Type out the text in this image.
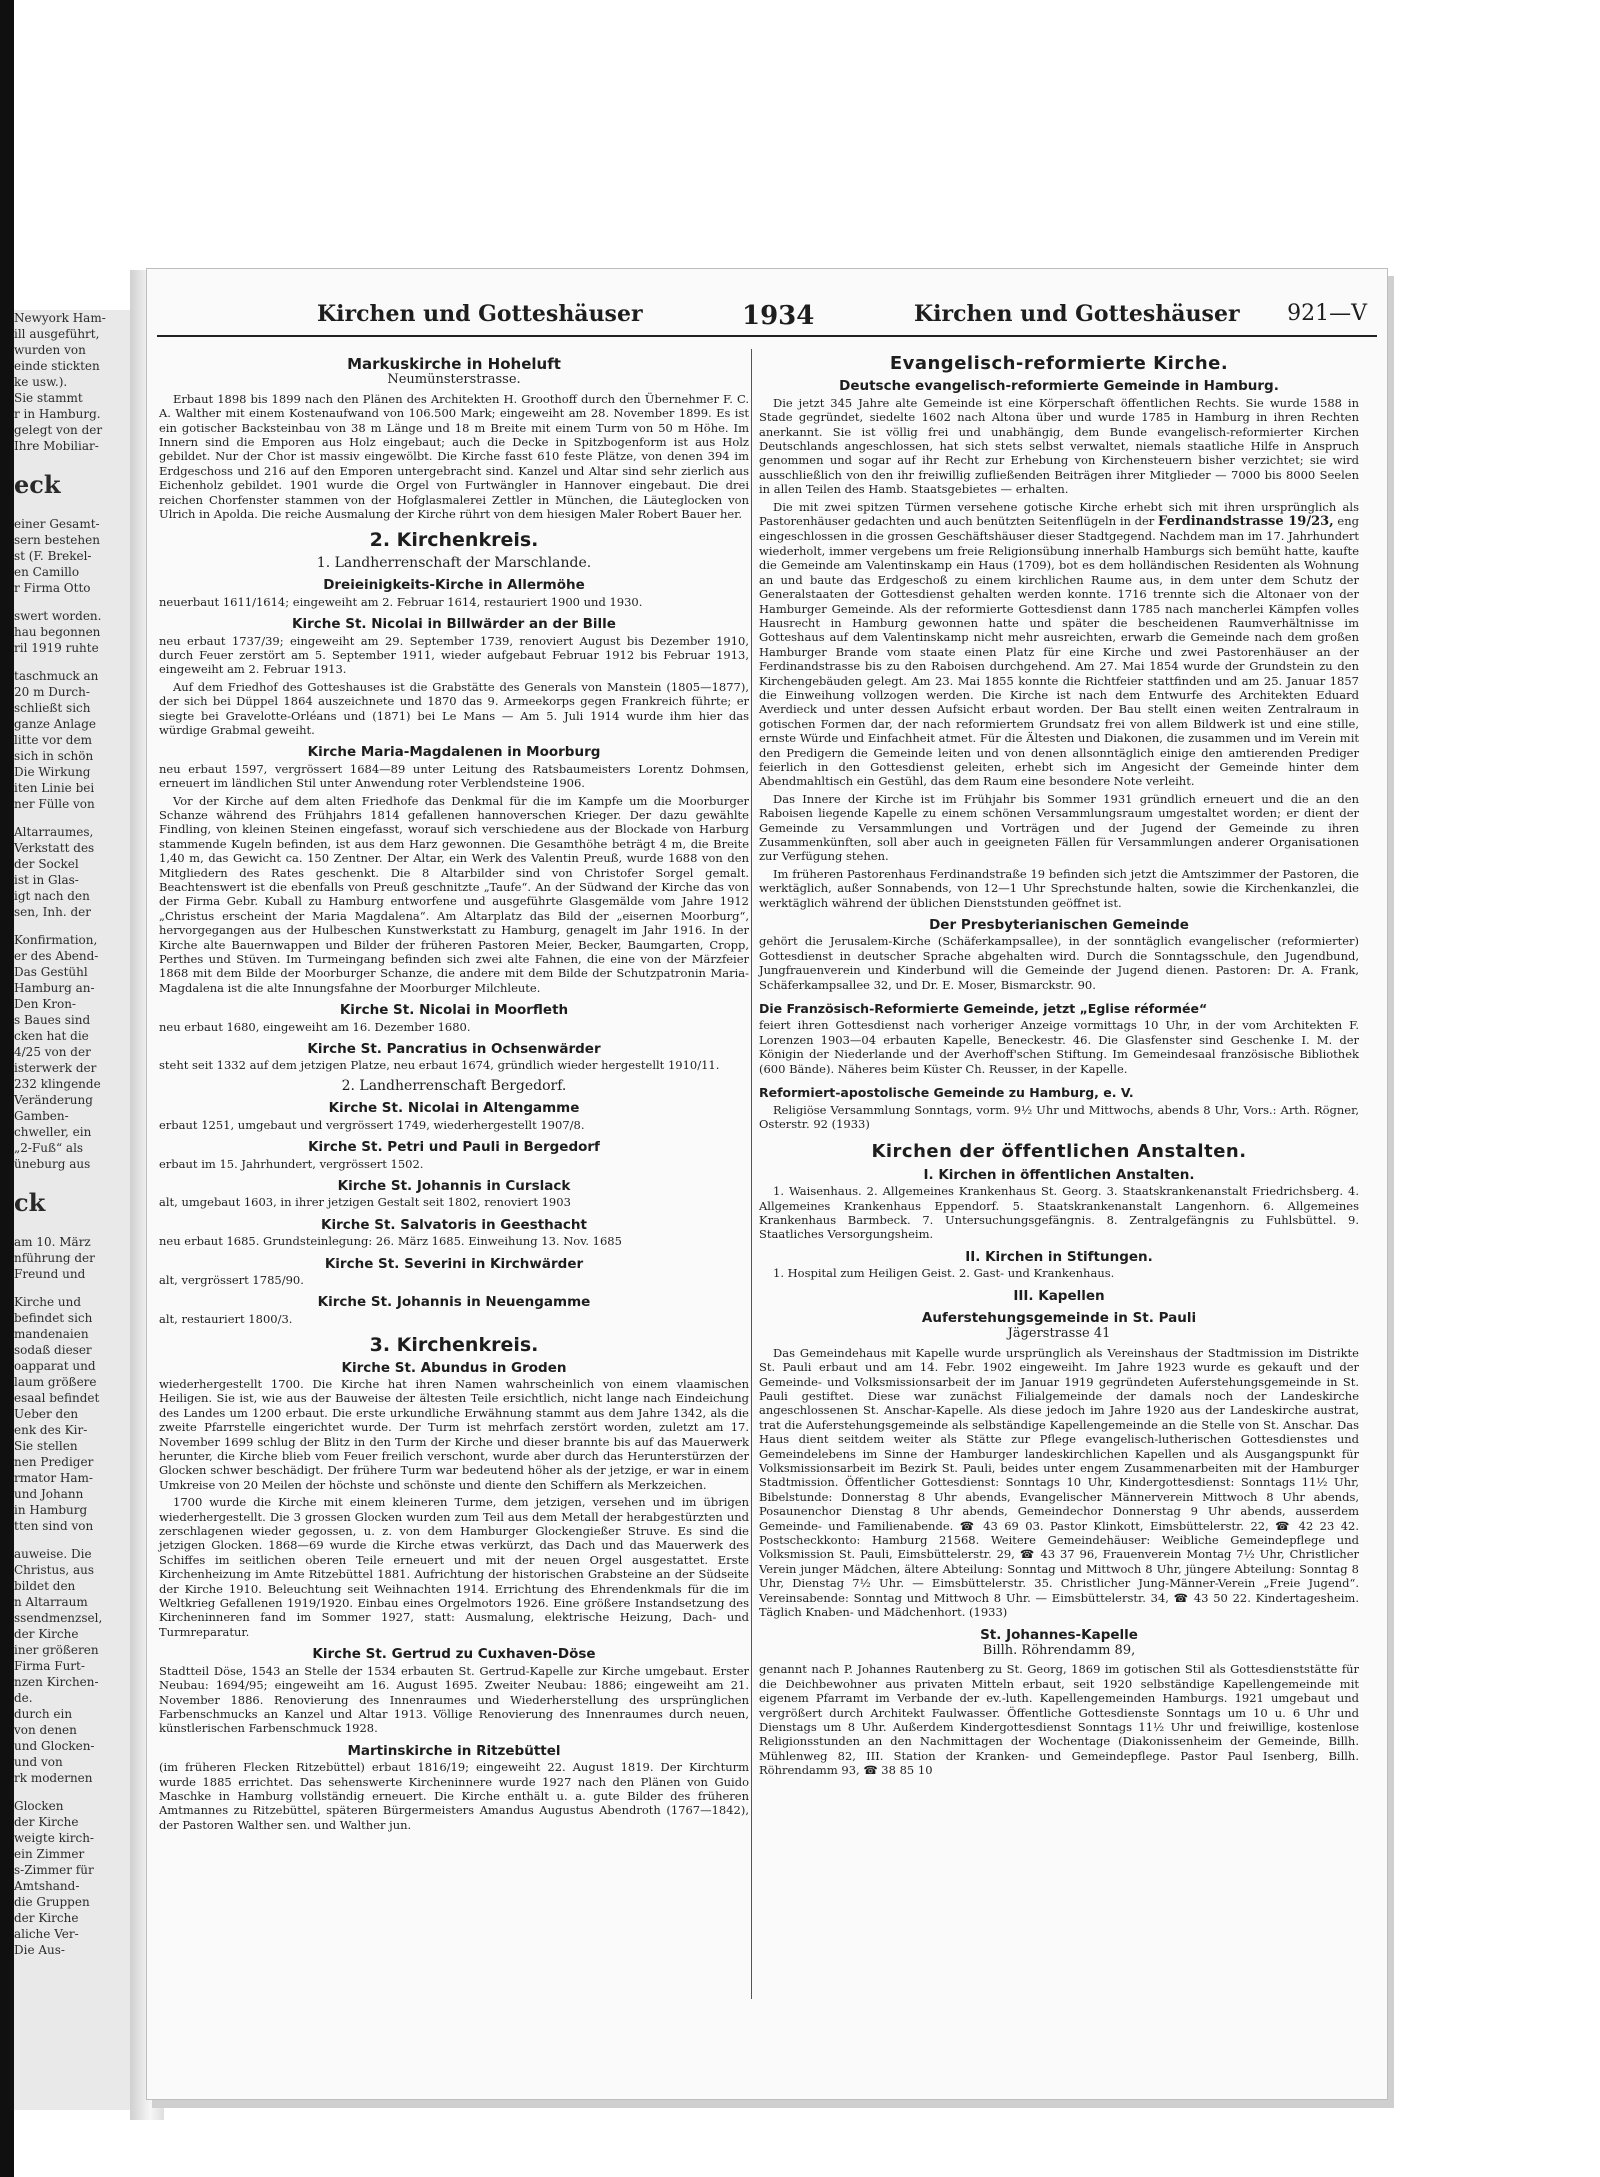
Newyork Ham-
ill ausgeführt,
wurden von
einde stickten
ke usw.).
Sie stammt
r in Hamburg.
gelegt von der
Ihre Mobiliar-
eck
einer Gesamt-
sern bestehen
st (F. Brekel-
en Camillo
r Firma Otto
swert worden.
hau begonnen
ril 1919 ruhte
taschmuck an
20 m Durch-
schließt sich
ganze Anlage
litte vor dem
sich in schön
Die Wirkung
iten Linie bei
ner Fülle von
Altarraumes,
Verkstatt des
der Sockel
ist in Glas-
igt nach den
sen, Inh. der
Konfirmation,
er des Abend-
Das Gestühl
Hamburg an-
Den Kron-
s Baues sind
cken hat die
4/25 von der
isterwerk der
232 klingende
Veränderung
Gamben-
chweller, ein
„2-Fuß“ als
üneburg aus
ck
am 10. März
nführung der
Freund und
Kirche und
befindet sich
mandenaien
sodaß dieser
oapparat und
laum größere
esaal befindet
Ueber den
enk des Kir-
Sie stellen
nen Prediger
rmator Ham-
und Johann
in Hamburg
tten sind von
auweise. Die
Christus, aus
bildet den
n Altarraum
ssendmenzsel,
der Kirche
iner größeren
Firma Furt-
nzen Kirchen-
de.
durch ein
von denen
und Glocken-
und von
rk modernen
Glocken
der Kirche
weigte kirch-
ein Zimmer
s-Zimmer für
Amtshand-
die Gruppen
der Kirche
aliche Ver-
Die Aus-
Kirchen und Gotteshäuser	1934	Kirchen und Gotteshäuser 921—V
Markuskirche in Hoheluft
Neumünsterstrasse.

Erbaut 1898 bis 1899 nach den Plänen des Architekten H. Groothoff durch den Übernehmer F. C. A. Walther mit einem Kostenaufwand von 106.500 Mark; eingeweiht am 28. November 1899. Es ist ein gotischer Backsteinbau von 38 m Länge und 18 m Breite mit einem Turm von 50 m Höhe. Im Innern sind die Emporen aus Holz eingebaut; auch die Decke in Spitzbogenform ist aus Holz gebildet. Nur der Chor ist massiv eingewölbt. Die Kirche fasst 610 feste Plätze, von denen 394 im Erdgeschoss und 216 auf den Emporen untergebracht sind. Kanzel und Altar sind sehr zierlich aus Eichenholz gebildet. 1901 wurde die Orgel von Furtwängler in Hannover eingebaut. Die drei reichen Chorfenster stammen von der Hofglasmalerei Zettler in München, die Läuteglocken von Ulrich in Apolda. Die reiche Ausmalung der Kirche rührt von dem hiesigen Maler Robert Bauer her.

2. Kirchenkreis.
1. Landherrenschaft der Marschlande.
Dreieinigkeits-Kirche in Allermöhe

neuerbaut 1611/1614; eingeweiht am 2. Februar 1614, restauriert 1900 und 1930.

Kirche St. Nicolai in Billwärder an der Bille

neu erbaut 1737/39; eingeweiht am 29. September 1739, renoviert August bis Dezember 1910, durch Feuer zerstört am 5. September 1911, wieder aufgebaut Februar 1912 bis Februar 1913, eingeweiht am 2. Februar 1913.

Auf dem Friedhof des Gotteshauses ist die Grabstätte des Generals von Manstein (1805—1877), der sich bei Düppel 1864 auszeichnete und 1870 das 9. Armeekorps gegen Frankreich führte; er siegte bei Gravelotte-Orléans und (1871) bei Le Mans — Am 5. Juli 1914 wurde ihm hier das würdige Grabmal geweiht.

Kirche Maria-Magdalenen in Moorburg

neu erbaut 1597, vergrössert 1684—89 unter Leitung des Ratsbaumeisters Lorentz Dohmsen, erneuert im ländlichen Stil unter Anwendung roter Verblendsteine 1906.

Vor der Kirche auf dem alten Friedhofe das Denkmal für die im Kampfe um die Moorburger Schanze während des Frühjahrs 1814 gefallenen hannoverschen Krieger. Der dazu gewählte Findling, von kleinen Steinen eingefasst, worauf sich verschiedene aus der Blockade von Harburg stammende Kugeln befinden, ist aus dem Harz gewonnen. Die Gesamthöhe beträgt 4 m, die Breite 1,40 m, das Gewicht ca. 150 Zentner. Der Altar, ein Werk des Valentin Preuß, wurde 1688 von den Mitgliedern des Rates geschenkt. Die 8 Altarbilder sind von Christofer Sorgel gemalt. Beachtenswert ist die ebenfalls von Preuß geschnitzte „Taufe“. An der Südwand der Kirche das von der Firma Gebr. Kuball zu Hamburg entworfene und ausgeführte Glasgemälde vom Jahre 1912 „Christus erscheint der Maria Magdalena“. Am Altarplatz das Bild der „eisernen Moorburg“, hervorgegangen aus der Hulbeschen Kunstwerkstatt zu Hamburg, genagelt im Jahr 1916. In der Kirche alte Bauernwappen und Bilder der früheren Pastoren Meier, Becker, Baumgarten, Cropp, Perthes und Stüven. Im Turmeingang befinden sich zwei alte Fahnen, die eine von der Märzfeier 1868 mit dem Bilde der Moorburger Schanze, die andere mit dem Bilde der Schutzpatronin Maria-Magdalena ist die alte Innungsfahne der Moorburger Milchleute.

Kirche St. Nicolai in Moorfleth

neu erbaut 1680, eingeweiht am 16. Dezember 1680.

Kirche St. Pancratius in Ochsenwärder

steht seit 1332 auf dem jetzigen Platze, neu erbaut 1674, gründlich wieder hergestellt 1910/11.

2. Landherrenschaft Bergedorf.
Kirche St. Nicolai in Altengamme

erbaut 1251, umgebaut und vergrössert 1749, wiederhergestellt 1907/8.

Kirche St. Petri und Pauli in Bergedorf

erbaut im 15. Jahrhundert, vergrössert 1502.

Kirche St. Johannis in Curslack

alt, umgebaut 1603, in ihrer jetzigen Gestalt seit 1802, renoviert 1903

Kirche St. Salvatoris in Geesthacht

neu erbaut 1685. Grundsteinlegung: 26. März 1685. Einweihung 13. Nov. 1685

Kirche St. Severini in Kirchwärder

alt, vergrössert 1785/90.

Kirche St. Johannis in Neuengamme

alt, restauriert 1800/3.

3. Kirchenkreis.
Kirche St. Abundus in Groden

wiederhergestellt 1700. Die Kirche hat ihren Namen wahrscheinlich von einem vlaamischen Heiligen. Sie ist, wie aus der Bauweise der ältesten Teile ersichtlich, nicht lange nach Eindeichung des Landes um 1200 erbaut. Die erste urkundliche Erwähnung stammt aus dem Jahre 1342, als die zweite Pfarrstelle eingerichtet wurde. Der Turm ist mehrfach zerstört worden, zuletzt am 17. November 1699 schlug der Blitz in den Turm der Kirche und dieser brannte bis auf das Mauerwerk herunter, die Kirche blieb vom Feuer freilich verschont, wurde aber durch das Herunterstürzen der Glocken schwer beschädigt. Der frühere Turm war bedeutend höher als der jetzige, er war in einem Umkreise von 20 Meilen der höchste und schönste und diente den Schiffern als Merkzeichen.

1700 wurde die Kirche mit einem kleineren Turme, dem jetzigen, versehen und im übrigen wiederhergestellt. Die 3 grossen Glocken wurden zum Teil aus dem Metall der herabgestürzten und zerschlagenen wieder gegossen, u. z. von dem Hamburger Glockengießer Struve. Es sind die jetzigen Glocken. 1868—69 wurde die Kirche etwas verkürzt, das Dach und das Mauerwerk des Schiffes im seitlichen oberen Teile erneuert und mit der neuen Orgel ausgestattet. Erste Kirchenheizung im Amte Ritzebüttel 1881. Aufrichtung der historischen Grabsteine an der Südseite der Kirche 1910. Beleuchtung seit Weihnachten 1914. Errichtung des Ehrendenkmals für die im Weltkrieg Gefallenen 1919/1920. Einbau eines Orgelmotors 1926. Eine größere Instandsetzung des Kircheninneren fand im Sommer 1927, statt: Ausmalung, elektrische Heizung, Dach- und Turmreparatur.

Kirche St. Gertrud zu Cuxhaven-Döse

Stadtteil Döse, 1543 an Stelle der 1534 erbauten St. Gertrud-Kapelle zur Kirche umgebaut. Erster Neubau: 1694/95; eingeweiht am 16. August 1695. Zweiter Neubau: 1886; eingeweiht am 21. November 1886. Renovierung des Innenraumes und Wiederherstellung des ursprünglichen Farbenschmucks an Kanzel und Altar 1913. Völlige Renovierung des Innenraumes durch neuen, künstlerischen Farbenschmuck 1928.

Martinskirche in Ritzebüttel

(im früheren Flecken Ritzebüttel) erbaut 1816/19; eingeweiht 22. August 1819. Der Kirchturm wurde 1885 errichtet. Das sehenswerte Kircheninnere wurde 1927 nach den Plänen von Guido Maschke in Hamburg vollständig erneuert. Die Kirche enthält u. a. gute Bilder des früheren Amtmannes zu Ritzebüttel, späteren Bürgermeisters Amandus Augustus Abendroth (1767—1842), der Pastoren Walther sen. und Walther jun.

Evangelisch-reformierte Kirche.
Deutsche evangelisch-reformierte Gemeinde in Hamburg.

Die jetzt 345 Jahre alte Gemeinde ist eine Körperschaft öffentlichen Rechts. Sie wurde 1588 in Stade gegründet, siedelte 1602 nach Altona über und wurde 1785 in Hamburg in ihren Rechten anerkannt. Sie ist völlig frei und unabhängig, dem Bunde evangelisch-reformierter Kirchen Deutschlands angeschlossen, hat sich stets selbst verwaltet, niemals staatliche Hilfe in Anspruch genommen und sogar auf ihr Recht zur Erhebung von Kirchensteuern bisher verzichtet; sie wird ausschließlich von den ihr freiwillig zufließenden Beiträgen ihrer Mitglieder — 7000 bis 8000 Seelen in allen Teilen des Hamb. Staatsgebietes — erhalten.

Die mit zwei spitzen Türmen versehene gotische Kirche erhebt sich mit ihren ursprünglich als Pastorenhäuser gedachten und auch benützten Seitenflügeln in der Ferdinandstrasse 19/23, eng eingeschlossen in die grossen Geschäftshäuser dieser Stadtgegend. Nachdem man im 17. Jahrhundert wiederholt, immer vergebens um freie Religionsübung innerhalb Hamburgs sich bemüht hatte, kaufte die Gemeinde am Valentinskamp ein Haus (1709), bot es dem holländischen Residenten als Wohnung an und baute das Erdgeschoß zu einem kirchlichen Raume aus, in dem unter dem Schutz der Generalstaaten der Gottesdienst gehalten werden konnte. 1716 trennte sich die Altonaer von der Hamburger Gemeinde. Als der reformierte Gottesdienst dann 1785 nach mancherlei Kämpfen volles Hausrecht in Hamburg gewonnen hatte und später die bescheidenen Raumverhältnisse im Gotteshaus auf dem Valentinskamp nicht mehr ausreichten, erwarb die Gemeinde nach dem großen Hamburger Brande vom staate einen Platz für eine Kirche und zwei Pastorenhäuser an der Ferdinandstrasse bis zu den Raboisen durchgehend. Am 27. Mai 1854 wurde der Grundstein zu den Kirchengebäuden gelegt. Am 23. Mai 1855 konnte die Richtfeier stattfinden und am 25. Januar 1857 die Einweihung vollzogen werden. Die Kirche ist nach dem Entwurfe des Architekten Eduard Averdieck und unter dessen Aufsicht erbaut worden. Der Bau stellt einen weiten Zentralraum in gotischen Formen dar, der nach reformiertem Grundsatz frei von allem Bildwerk ist und eine stille, ernste Würde und Einfachheit atmet. Für die Ältesten und Diakonen, die zusammen und im Verein mit den Predigern die Gemeinde leiten und von denen allsonntäglich einige den amtierenden Prediger feierlich in den Gottesdienst geleiten, erhebt sich im Angesicht der Gemeinde hinter dem Abendmahltisch ein Gestühl, das dem Raum eine besondere Note verleiht.

Das Innere der Kirche ist im Frühjahr bis Sommer 1931 gründlich erneuert und die an den Raboisen liegende Kapelle zu einem schönen Versammlungsraum umgestaltet worden; er dient der Gemeinde zu Versammlungen und Vorträgen und der Jugend der Gemeinde zu ihren Zusammenkünften, soll aber auch in geeigneten Fällen für Versammlungen anderer Organisationen zur Verfügung stehen.

Im früheren Pastorenhaus Ferdinandstraße 19 befinden sich jetzt die Amtszimmer der Pastoren, die werktäglich, außer Sonnabends, von 12—1 Uhr Sprechstunde halten, sowie die Kirchenkanzlei, die werktäglich während der üblichen Dienststunden geöffnet ist.

Der Presbyterianischen Gemeinde

gehört die Jerusalem-Kirche (Schäferkampsallee), in der sonntäglich evangelischer (reformierter) Gottesdienst in deutscher Sprache abgehalten wird. Durch die Sonntagsschule, den Jugendbund, Jungfrauenverein und Kinderbund will die Gemeinde der Jugend dienen. Pastoren: Dr. A. Frank, Schäferkampsallee 32, und Dr. E. Moser, Bismarckstr. 90.

Die Französisch-Reformierte Gemeinde, jetzt „Eglise réformée“

feiert ihren Gottesdienst nach vorheriger Anzeige vormittags 10 Uhr, in der vom Architekten F. Lorenzen 1903—04 erbauten Kapelle, Beneckestr. 46. Die Glasfenster sind Geschenke I. M. der Königin der Niederlande und der Averhoff'schen Stiftung. Im Gemeindesaal französische Bibliothek (600 Bände). Näheres beim Küster Ch. Reusser, in der Kapelle.

Reformiert-apostolische Gemeinde zu Hamburg, e. V.

Religiöse Versammlung Sonntags, vorm. 9½ Uhr und Mittwochs, abends 8 Uhr, Vors.: Arth. Rögner, Osterstr. 92 (1933)

Kirchen der öffentlichen Anstalten.
I. Kirchen in öffentlichen Anstalten.

1. Waisenhaus. 2. Allgemeines Krankenhaus St. Georg. 3. Staatskrankenanstalt Friedrichsberg. 4. Allgemeines Krankenhaus Eppendorf. 5. Staatskrankenanstalt Langenhorn. 6. Allgemeines Krankenhaus Barmbeck. 7. Untersuchungsgefängnis. 8. Zentralgefängnis zu Fuhlsbüttel. 9. Staatliches Versorgungsheim.

II. Kirchen in Stiftungen.

1. Hospital zum Heiligen Geist. 2. Gast- und Krankenhaus.

III. Kapellen
Auferstehungsgemeinde in St. Pauli
Jägerstrasse 41

Das Gemeindehaus mit Kapelle wurde ursprünglich als Vereinshaus der Stadtmission im Distrikte St. Pauli erbaut und am 14. Febr. 1902 eingeweiht. Im Jahre 1923 wurde es gekauft und der Gemeinde- und Volksmissionsarbeit der im Januar 1919 gegründeten Auferstehungsgemeinde in St. Pauli gestiftet. Diese war zunächst Filialgemeinde der damals noch der Landeskirche angeschlossenen St. Anschar-Kapelle. Als diese jedoch im Jahre 1920 aus der Landeskirche austrat, trat die Auferstehungsgemeinde als selbständige Kapellengemeinde an die Stelle von St. Anschar. Das Haus dient seitdem weiter als Stätte zur Pflege evangelisch-lutherischen Gottesdienstes und Gemeindelebens im Sinne der Hamburger landeskirchlichen Kapellen und als Ausgangspunkt für Volksmissionsarbeit im Bezirk St. Pauli, beides unter engem Zusammenarbeiten mit der Hamburger Stadtmission. Öffentlicher Gottesdienst: Sonntags 10 Uhr, Kindergottesdienst: Sonntags 11½ Uhr, Bibelstunde: Donnerstag 8 Uhr abends, Evangelischer Männerverein Mittwoch 8 Uhr abends, Posaunenchor Dienstag 8 Uhr abends, Gemeindechor Donnerstag 9 Uhr abends, ausserdem Gemeinde- und Familienabende. ☎ 43 69 03. Pastor Klinkott, Eimsbüttelerstr. 22, ☎ 42 23 42. Postscheckkonto: Hamburg 21568. Weitere Gemeindehäuser: Weibliche Gemeindepflege und Volksmission St. Pauli, Eimsbüttelerstr. 29, ☎ 43 37 96, Frauenverein Montag 7½ Uhr, Christlicher Verein junger Mädchen, ältere Abteilung: Sonntag und Mittwoch 8 Uhr, jüngere Abteilung: Sonntag 8 Uhr, Dienstag 7½ Uhr. — Eimsbüttelerstr. 35. Christlicher Jung-Männer-Verein „Freie Jugend“. Vereinsabende: Sonntag und Mittwoch 8 Uhr. — Eimsbüttelerstr. 34, ☎ 43 50 22. Kindertagesheim. Täglich Knaben- und Mädchenhort. (1933)

St. Johannes-Kapelle
Billh. Röhrendamm 89,

genannt nach P. Johannes Rautenberg zu St. Georg, 1869 im gotischen Stil als Gottesdienststätte für die Deichbewohner aus privaten Mitteln erbaut, seit 1920 selbständige Kapellengemeinde mit eigenem Pfarramt im Verbande der ev.-luth. Kapellengemeinden Hamburgs. 1921 umgebaut und vergrößert durch Architekt Faulwasser. Öffentliche Gottesdienste Sonntags um 10 u. 6 Uhr und Dienstags um 8 Uhr. Außerdem Kindergottesdienst Sonntags 11½ Uhr und freiwillige, kostenlose Religionsstunden an den Nachmittagen der Wochentage (Diakonissenheim der Gemeinde, Billh. Mühlenweg 82, III. Station der Kranken- und Gemeindepflege. Pastor Paul Isenberg, Billh. Röhrendamm 93, ☎ 38 85 10
